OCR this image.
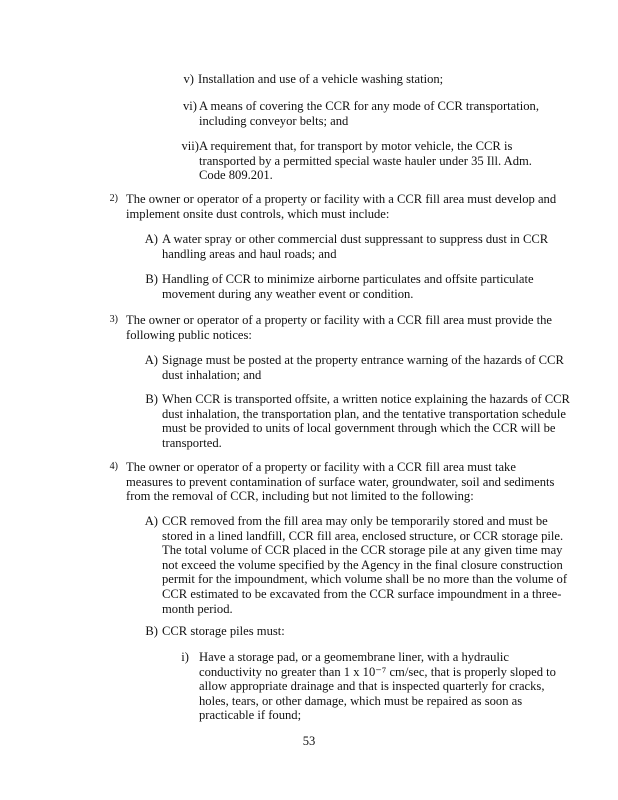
v) Installation and use of a vehicle washing station;
vi) A means of covering the CCR for any mode of CCR transportation, including conveyor belts; and
vii) A requirement that, for transport by motor vehicle, the CCR is transported by a permitted special waste hauler under 35 Ill. Adm. Code 809.201.
2) The owner or operator of a property or facility with a CCR fill area must develop and implement onsite dust controls, which must include:
A) A water spray or other commercial dust suppressant to suppress dust in CCR handling areas and haul roads; and
B) Handling of CCR to minimize airborne particulates and offsite particulate movement during any weather event or condition.
3) The owner or operator of a property or facility with a CCR fill area must provide the following public notices:
A) Signage must be posted at the property entrance warning of the hazards of CCR dust inhalation; and
B) When CCR is transported offsite, a written notice explaining the hazards of CCR dust inhalation, the transportation plan, and the tentative transportation schedule must be provided to units of local government through which the CCR will be transported.
4) The owner or operator of a property or facility with a CCR fill area must take measures to prevent contamination of surface water, groundwater, soil and sediments from the removal of CCR, including but not limited to the following:
A) CCR removed from the fill area may only be temporarily stored and must be stored in a lined landfill, CCR fill area, enclosed structure, or CCR storage pile. The total volume of CCR placed in the CCR storage pile at any given time may not exceed the volume specified by the Agency in the final closure construction permit for the impoundment, which volume shall be no more than the volume of CCR estimated to be excavated from the CCR surface impoundment in a three-month period.
B) CCR storage piles must:
i) Have a storage pad, or a geomembrane liner, with a hydraulic conductivity no greater than 1 x 10⁻⁷ cm/sec, that is properly sloped to allow appropriate drainage and that is inspected quarterly for cracks, holes, tears, or other damage, which must be repaired as soon as practicable if found;
53
